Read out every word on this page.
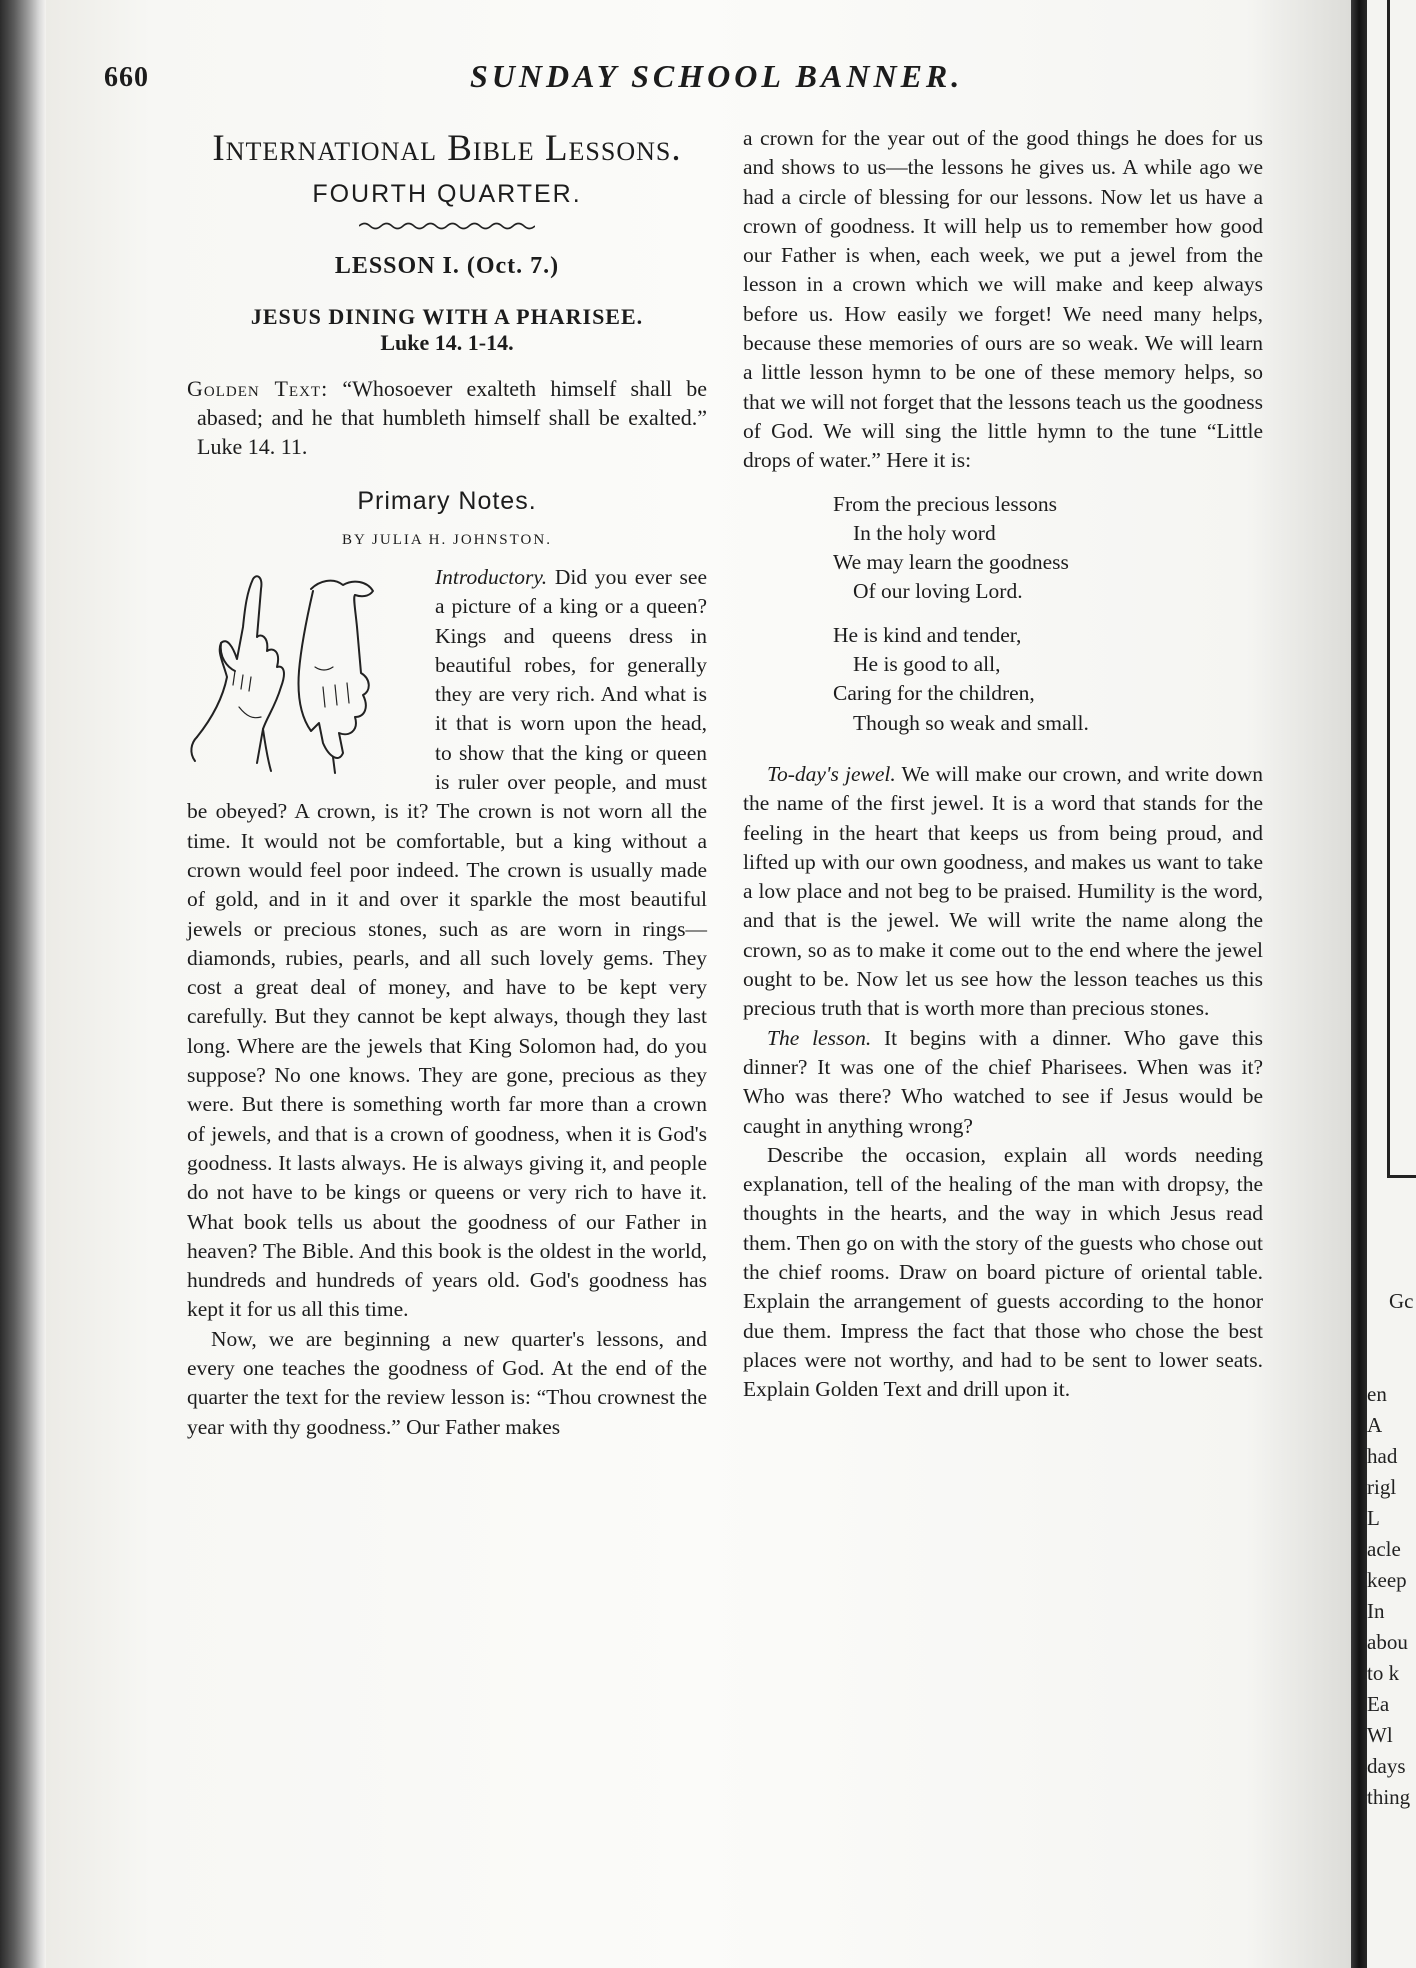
Gc
en
A
had
rigl
L
acle
keep
In
abou
to k
Ea
Wl
days
thing
660	SUNDAY SCHOOL BANNER.
International Bible Lessons.
FOURTH QUARTER.
LESSON I. (Oct. 7.)
JESUS DINING WITH A PHARISEE.
Luke 14. 1-14.

Golden Text: “Whosoever exalteth himself shall be abased; and he that humbleth himself shall be exalted.” Luke 14. 11.

Primary Notes.
BY JULIA H. JOHNSTON.

Introductory. Did you ever see a picture of a king or a queen? Kings and queens dress in beautiful robes, for generally they are very rich. And what is it that is worn upon the head, to show that the king or queen is ruler over people, and must be obeyed? A crown, is it? The crown is not worn all the time. It would not be comfortable, but a king without a crown would feel poor indeed. The crown is usually made of gold, and in it and over it sparkle the most beautiful jewels or precious stones, such as are worn in rings—diamonds, rubies, pearls, and all such lovely gems. They cost a great deal of money, and have to be kept very carefully. But they cannot be kept always, though they last long. Where are the jewels that King Solomon had, do you suppose? No one knows. They are gone, precious as they were. But there is something worth far more than a crown of jewels, and that is a crown of goodness, when it is God's goodness. It lasts always. He is always giving it, and people do not have to be kings or queens or very rich to have it. What book tells us about the goodness of our Father in heaven? The Bible. And this book is the oldest in the world, hundreds and hundreds of years old. God's goodness has kept it for us all this time.

Now, we are beginning a new quarter's lessons, and every one teaches the goodness of God. At the end of the quarter the text for the review lesson is: “Thou crownest the year with thy goodness.” Our Father makes

a crown for the year out of the good things he does for us and shows to us—the lessons he gives us. A while ago we had a circle of blessing for our lessons. Now let us have a crown of goodness. It will help us to remember how good our Father is when, each week, we put a jewel from the lesson in a crown which we will make and keep always before us. How easily we forget! We need many helps, because these memories of ours are so weak. We will learn a little lesson hymn to be one of these memory helps, so that we will not forget that the lessons teach us the goodness of God. We will sing the little hymn to the tune “Little drops of water.” Here it is:

From the precious lessons
In the holy word
We may learn the goodness
Of our loving Lord.
He is kind and tender,
He is good to all,
Caring for the children,
Though so weak and small.

To-day's jewel. We will make our crown, and write down the name of the first jewel. It is a word that stands for the feeling in the heart that keeps us from being proud, and lifted up with our own goodness, and makes us want to take a low place and not beg to be praised. Humility is the word, and that is the jewel. We will write the name along the crown, so as to make it come out to the end where the jewel ought to be. Now let us see how the lesson teaches us this precious truth that is worth more than precious stones.

The lesson. It begins with a dinner. Who gave this dinner? It was one of the chief Pharisees. When was it? Who was there? Who watched to see if Jesus would be caught in anything wrong?

Describe the occasion, explain all words needing explanation, tell of the healing of the man with dropsy, the thoughts in the hearts, and the way in which Jesus read them. Then go on with the story of the guests who chose out the chief rooms. Draw on board picture of oriental table. Explain the arrangement of guests according to the honor due them. Impress the fact that those who chose the best places were not worthy, and had to be sent to lower seats. Explain Golden Text and drill upon it.
